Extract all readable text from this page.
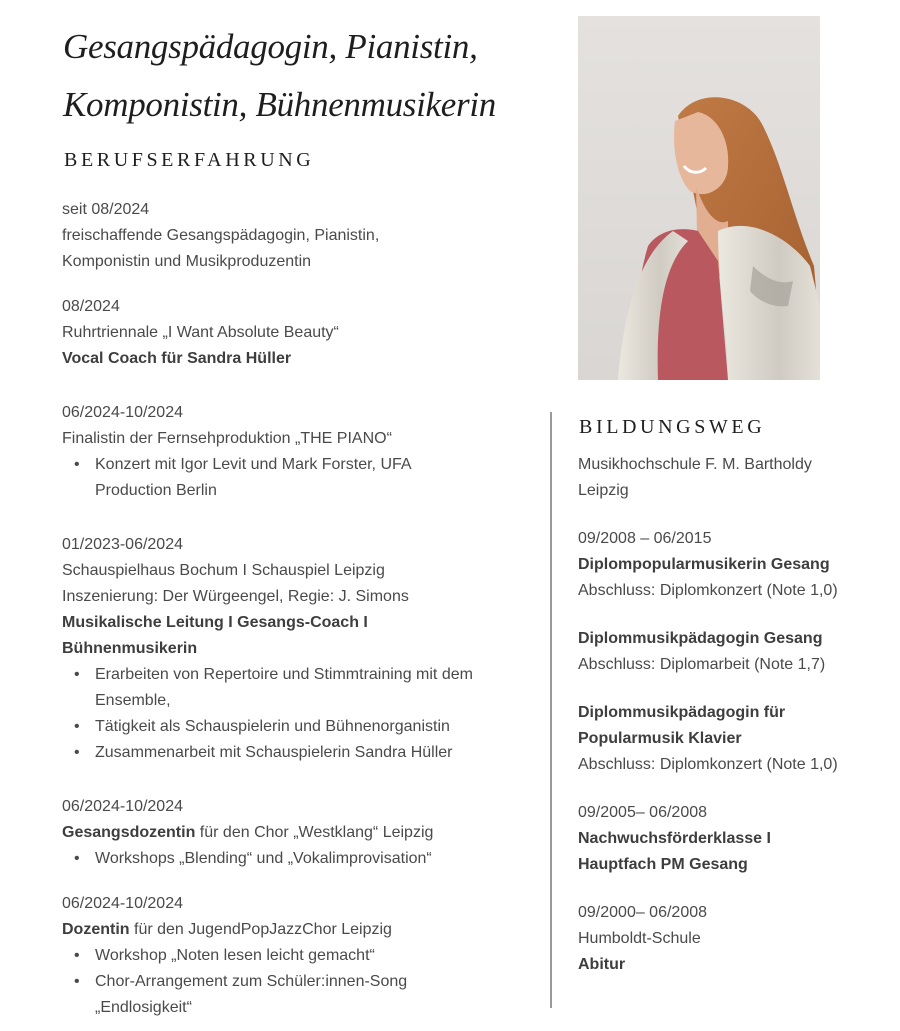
Gesangspädagogin, Pianistin,
Komponistin, Bühnenmusikerin
BERUFSERFAHRUNG

seit 08/2024

freischaffende Gesangspädagogin, Pianistin,

Komponistin und Musikproduzentin

08/2024

Ruhrtriennale „I Want Absolute Beauty“

Vocal Coach für Sandra Hüller

06/2024-10/2024

Finalistin der Fernsehproduktion „THE PIANO“

• Konzert mit Igor Levit und Mark Forster, UFA Production Berlin

01/2023-06/2024

Schauspielhaus Bochum I Schauspiel Leipzig

Inszenierung: Der Würgeengel, Regie: J. Simons

Musikalische Leitung I Gesangs-Coach I Bühnenmusikerin

• Erarbeiten von Repertoire und Stimmtraining mit dem Ensemble,
• Tätigkeit als Schauspielerin und Bühnenorganistin
• Zusammenarbeit mit Schauspielerin Sandra Hüller

06/2024-10/2024

Gesangsdozentin für den Chor „Westklang“ Leipzig

• Workshops „Blending“ und „Vokalimprovisation“

06/2024-10/2024

Dozentin für den JugendPopJazzChor Leipzig

• Workshop „Noten lesen leicht gemacht“
• Chor-Arrangement zum Schüler:innen-Song „Endlosigkeit“
BILDUNGSWEG

Musikhochschule F. M. Bartholdy

Leipzig

09/2008 – 06/2015

Diplompopularmusikerin Gesang

Abschluss: Diplomkonzert (Note 1,0)

Diplommusikpädagogin Gesang

Abschluss: Diplomarbeit (Note 1,7)

Diplommusikpädagogin für

Popularmusik Klavier

Abschluss: Diplomkonzert (Note 1,0)

09/2005– 06/2008

Nachwuchsförderklasse I

Hauptfach PM Gesang

09/2000– 06/2008

Humboldt-Schule

Abitur
